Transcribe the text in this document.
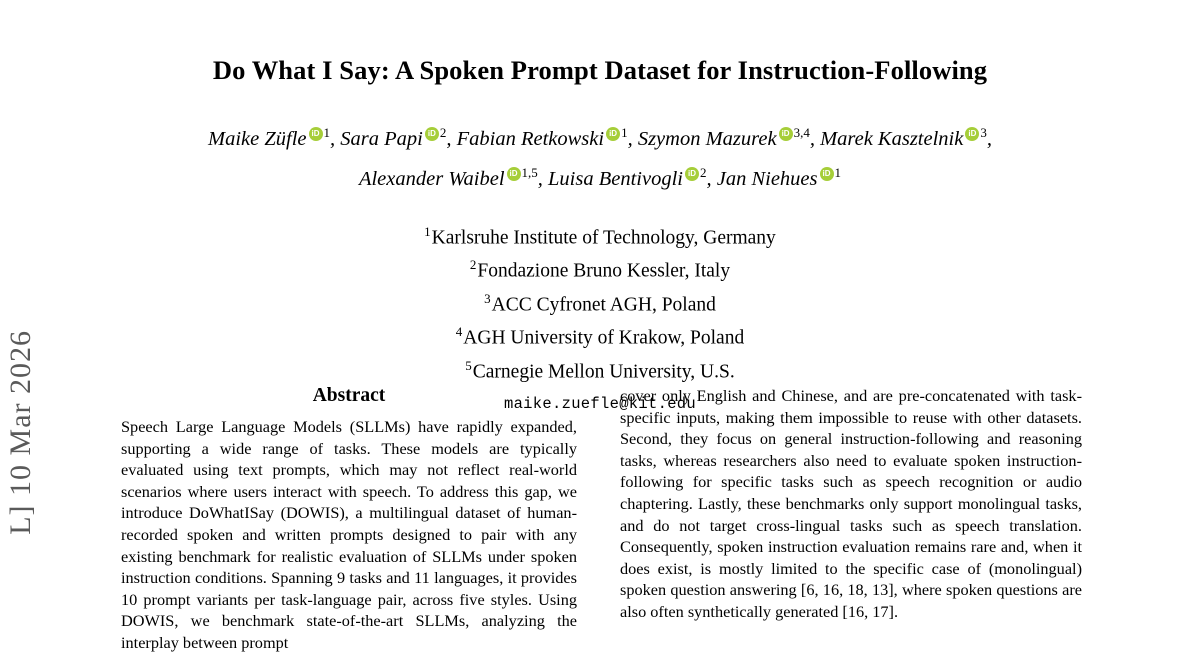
L] 10 Mar 2026
Do What I Say: A Spoken Prompt Dataset for Instruction-Following
Maike Züfle iD $^1$, Sara Papi iD $^2$, Fabian Retkowski iD $^1$, Szymon Mazurek iD $^{3,4}$, Marek Kasztelnik iD $^3$,
Alexander Waibel iD $^{1,5}$, Luisa Bentivogli iD $^2$, Jan Niehues iD $^1$
$^1$Karlsruhe Institute of Technology, Germany
$^2$Fondazione Bruno Kessler, Italy
$^3$ACC Cyfronet AGH, Poland
$^4$AGH University of Krakow, Poland
$^5$Carnegie Mellon University, U.S.
maike.zuefle@kit.edu
Abstract

Speech Large Language Models (SLLMs) have rapidly expanded, supporting a wide range of tasks. These models are typically evaluated using text prompts, which may not reflect real-world scenarios where users interact with speech. To address this gap, we introduce DoWhatISay (DOWIS), a multilingual dataset of human-recorded spoken and written prompts designed to pair with any existing benchmark for realistic evaluation of SLLMs under spoken instruction conditions. Spanning 9 tasks and 11 languages, it provides 10 prompt variants per task-language pair, across five styles. Using DOWIS, we benchmark state-of-the-art SLLMs, analyzing the interplay between prompt

cover only English and Chinese, and are pre-concatenated with task-specific inputs, making them impossible to reuse with other datasets. Second, they focus on general instruction-following and reasoning tasks, whereas researchers also need to evaluate spoken instruction-following for specific tasks such as speech recognition or audio chaptering. Lastly, these benchmarks only support monolingual tasks, and do not target cross-lingual tasks such as speech translation. Consequently, spoken instruction evaluation remains rare and, when it does exist, is mostly limited to the specific case of (monolingual) spoken question answering [6, 16, 18, 13], where spoken questions are also often synthetically generated [16, 17].
